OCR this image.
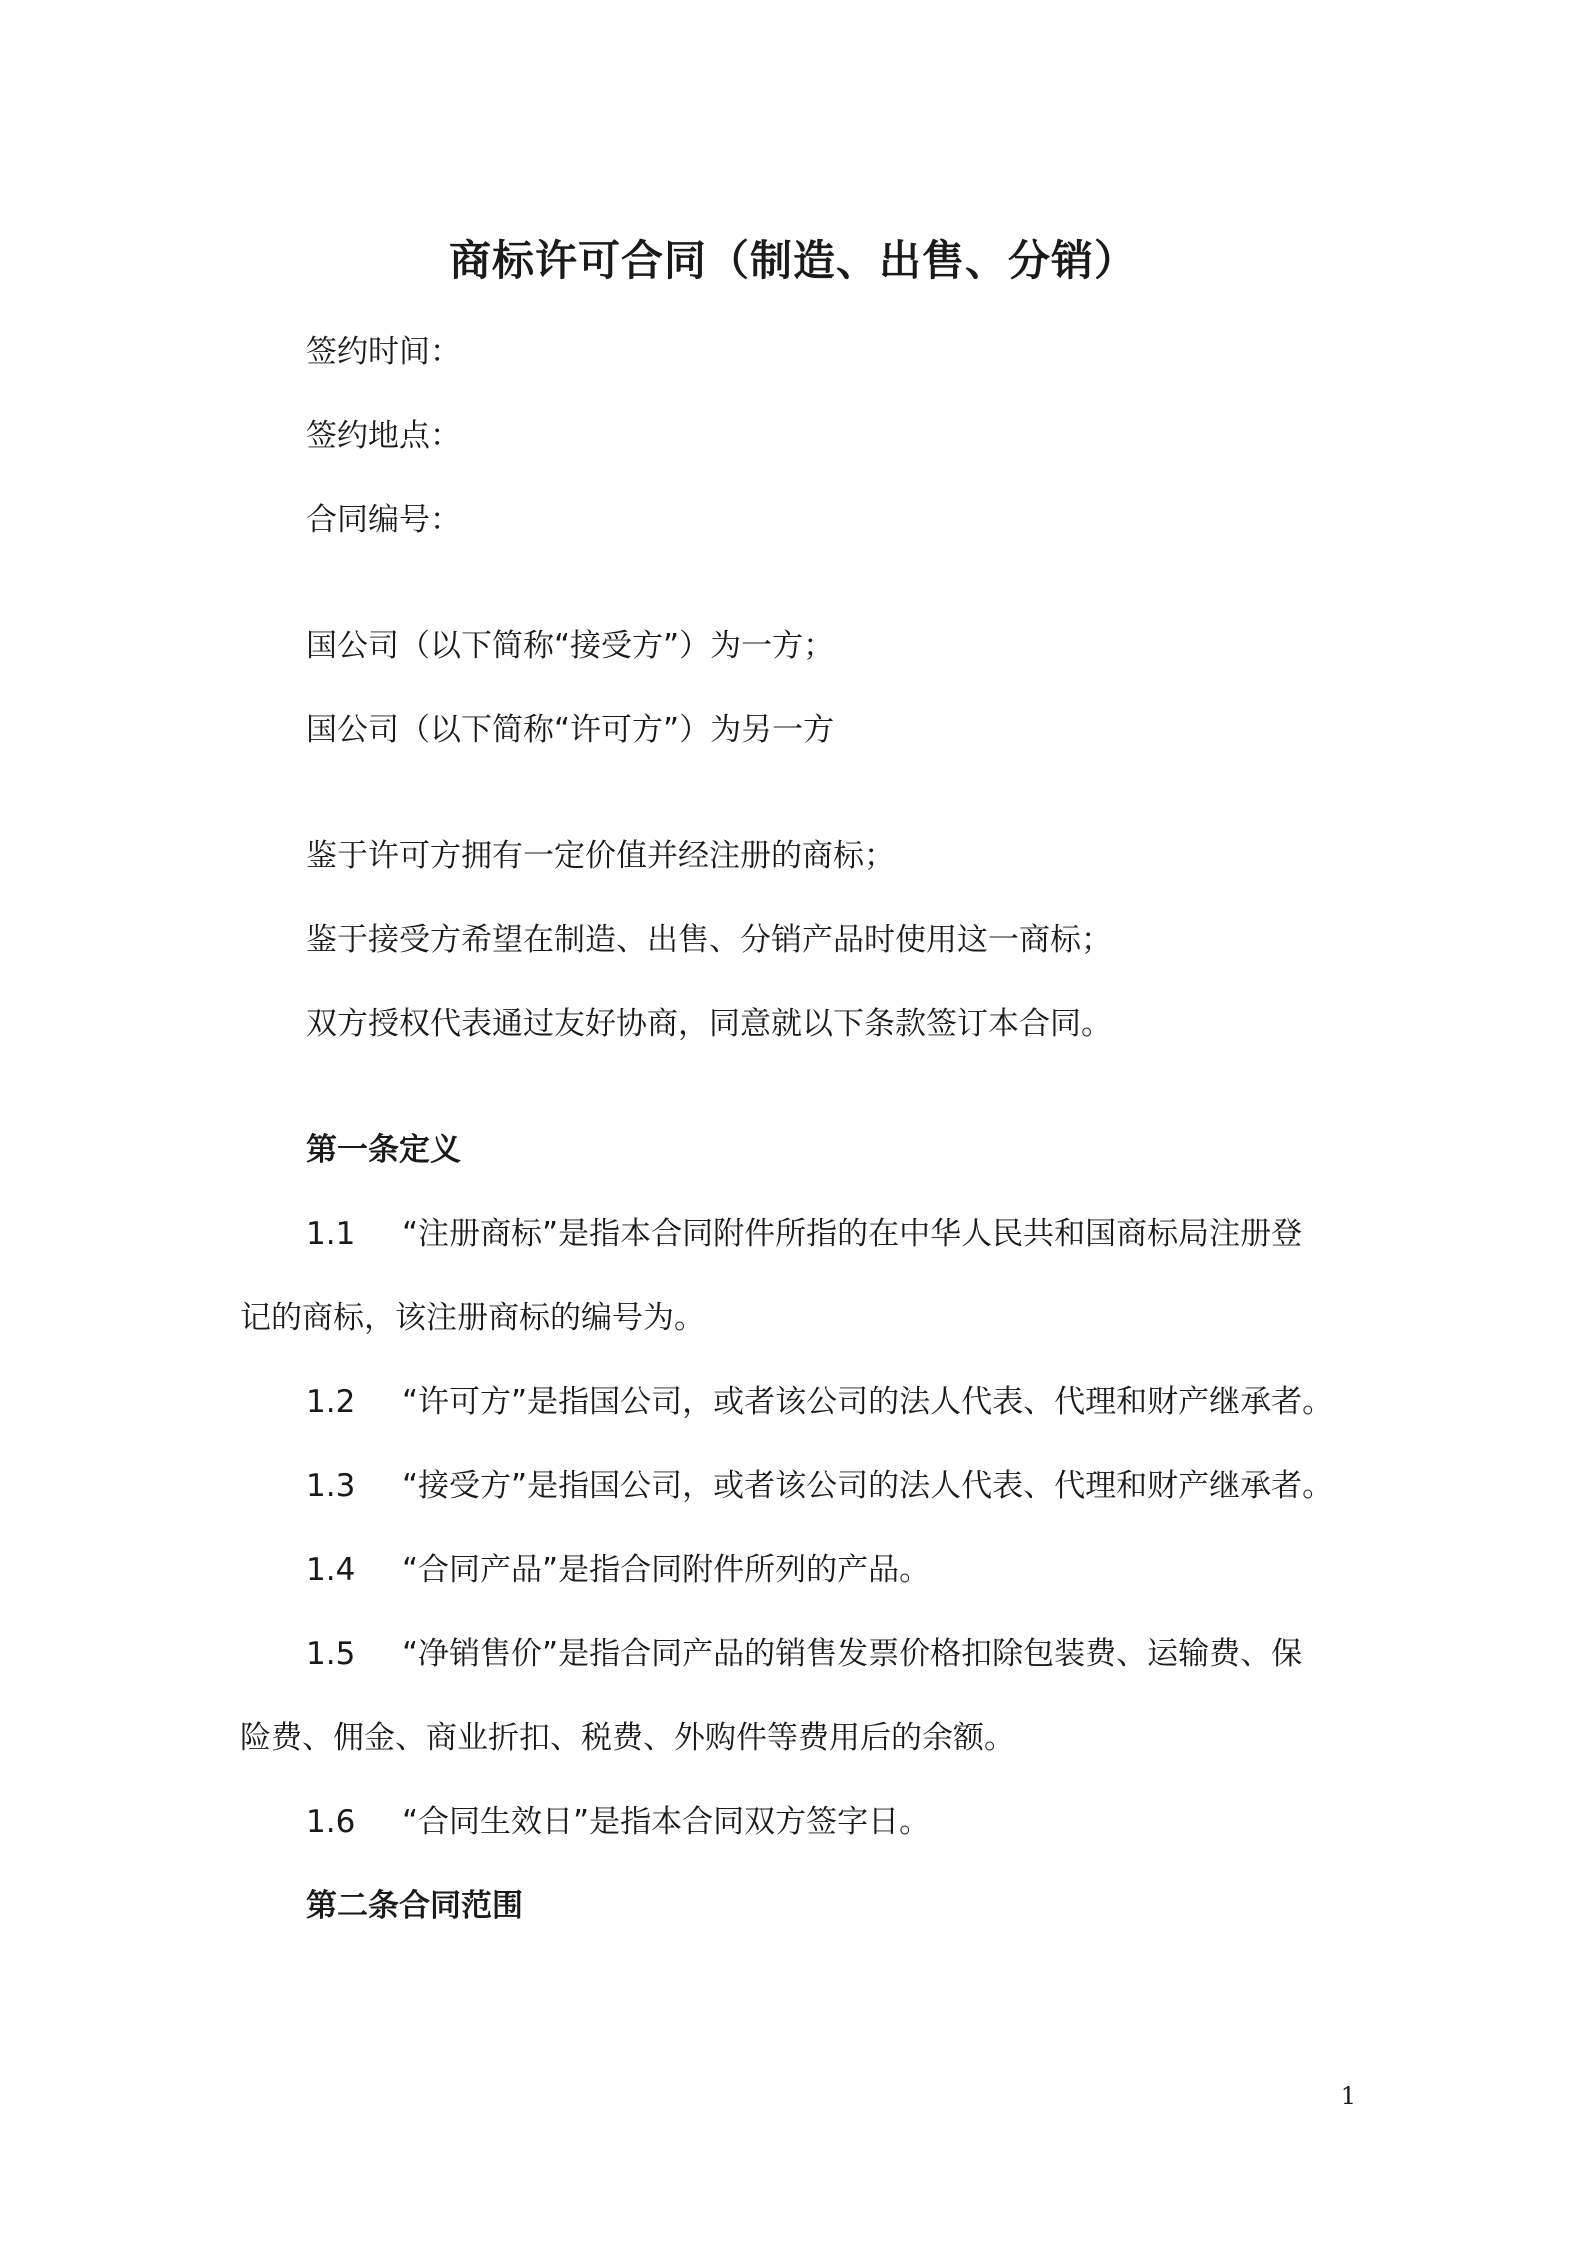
商标许可合同（制造、出售、分销）
签约时间：
签约地点：
合同编号：
国公司（以下简称“接受方”）为一方；
国公司（以下简称“许可方”）为另一方
鉴于许可方拥有一定价值并经注册的商标；
鉴于接受方希望在制造、出售、分销产品时使用这一商标；
双方授权代表通过友好协商，同意就以下条款签订本合同。
第一条定义
1.1 “注册商标”是指本合同附件所指的在中华人民共和国商标局注册登
记的商标，该注册商标的编号为。
1.2 “许可方”是指国公司，或者该公司的法人代表、代理和财产继承者。
1.3 “接受方”是指国公司，或者该公司的法人代表、代理和财产继承者。
1.4 “合同产品”是指合同附件所列的产品。
1.5 “净销售价”是指合同产品的销售发票价格扣除包装费、运输费、保
险费、佣金、商业折扣、税费、外购件等费用后的余额。
1.6 “合同生效日”是指本合同双方签字日。
第二条合同范围
1
